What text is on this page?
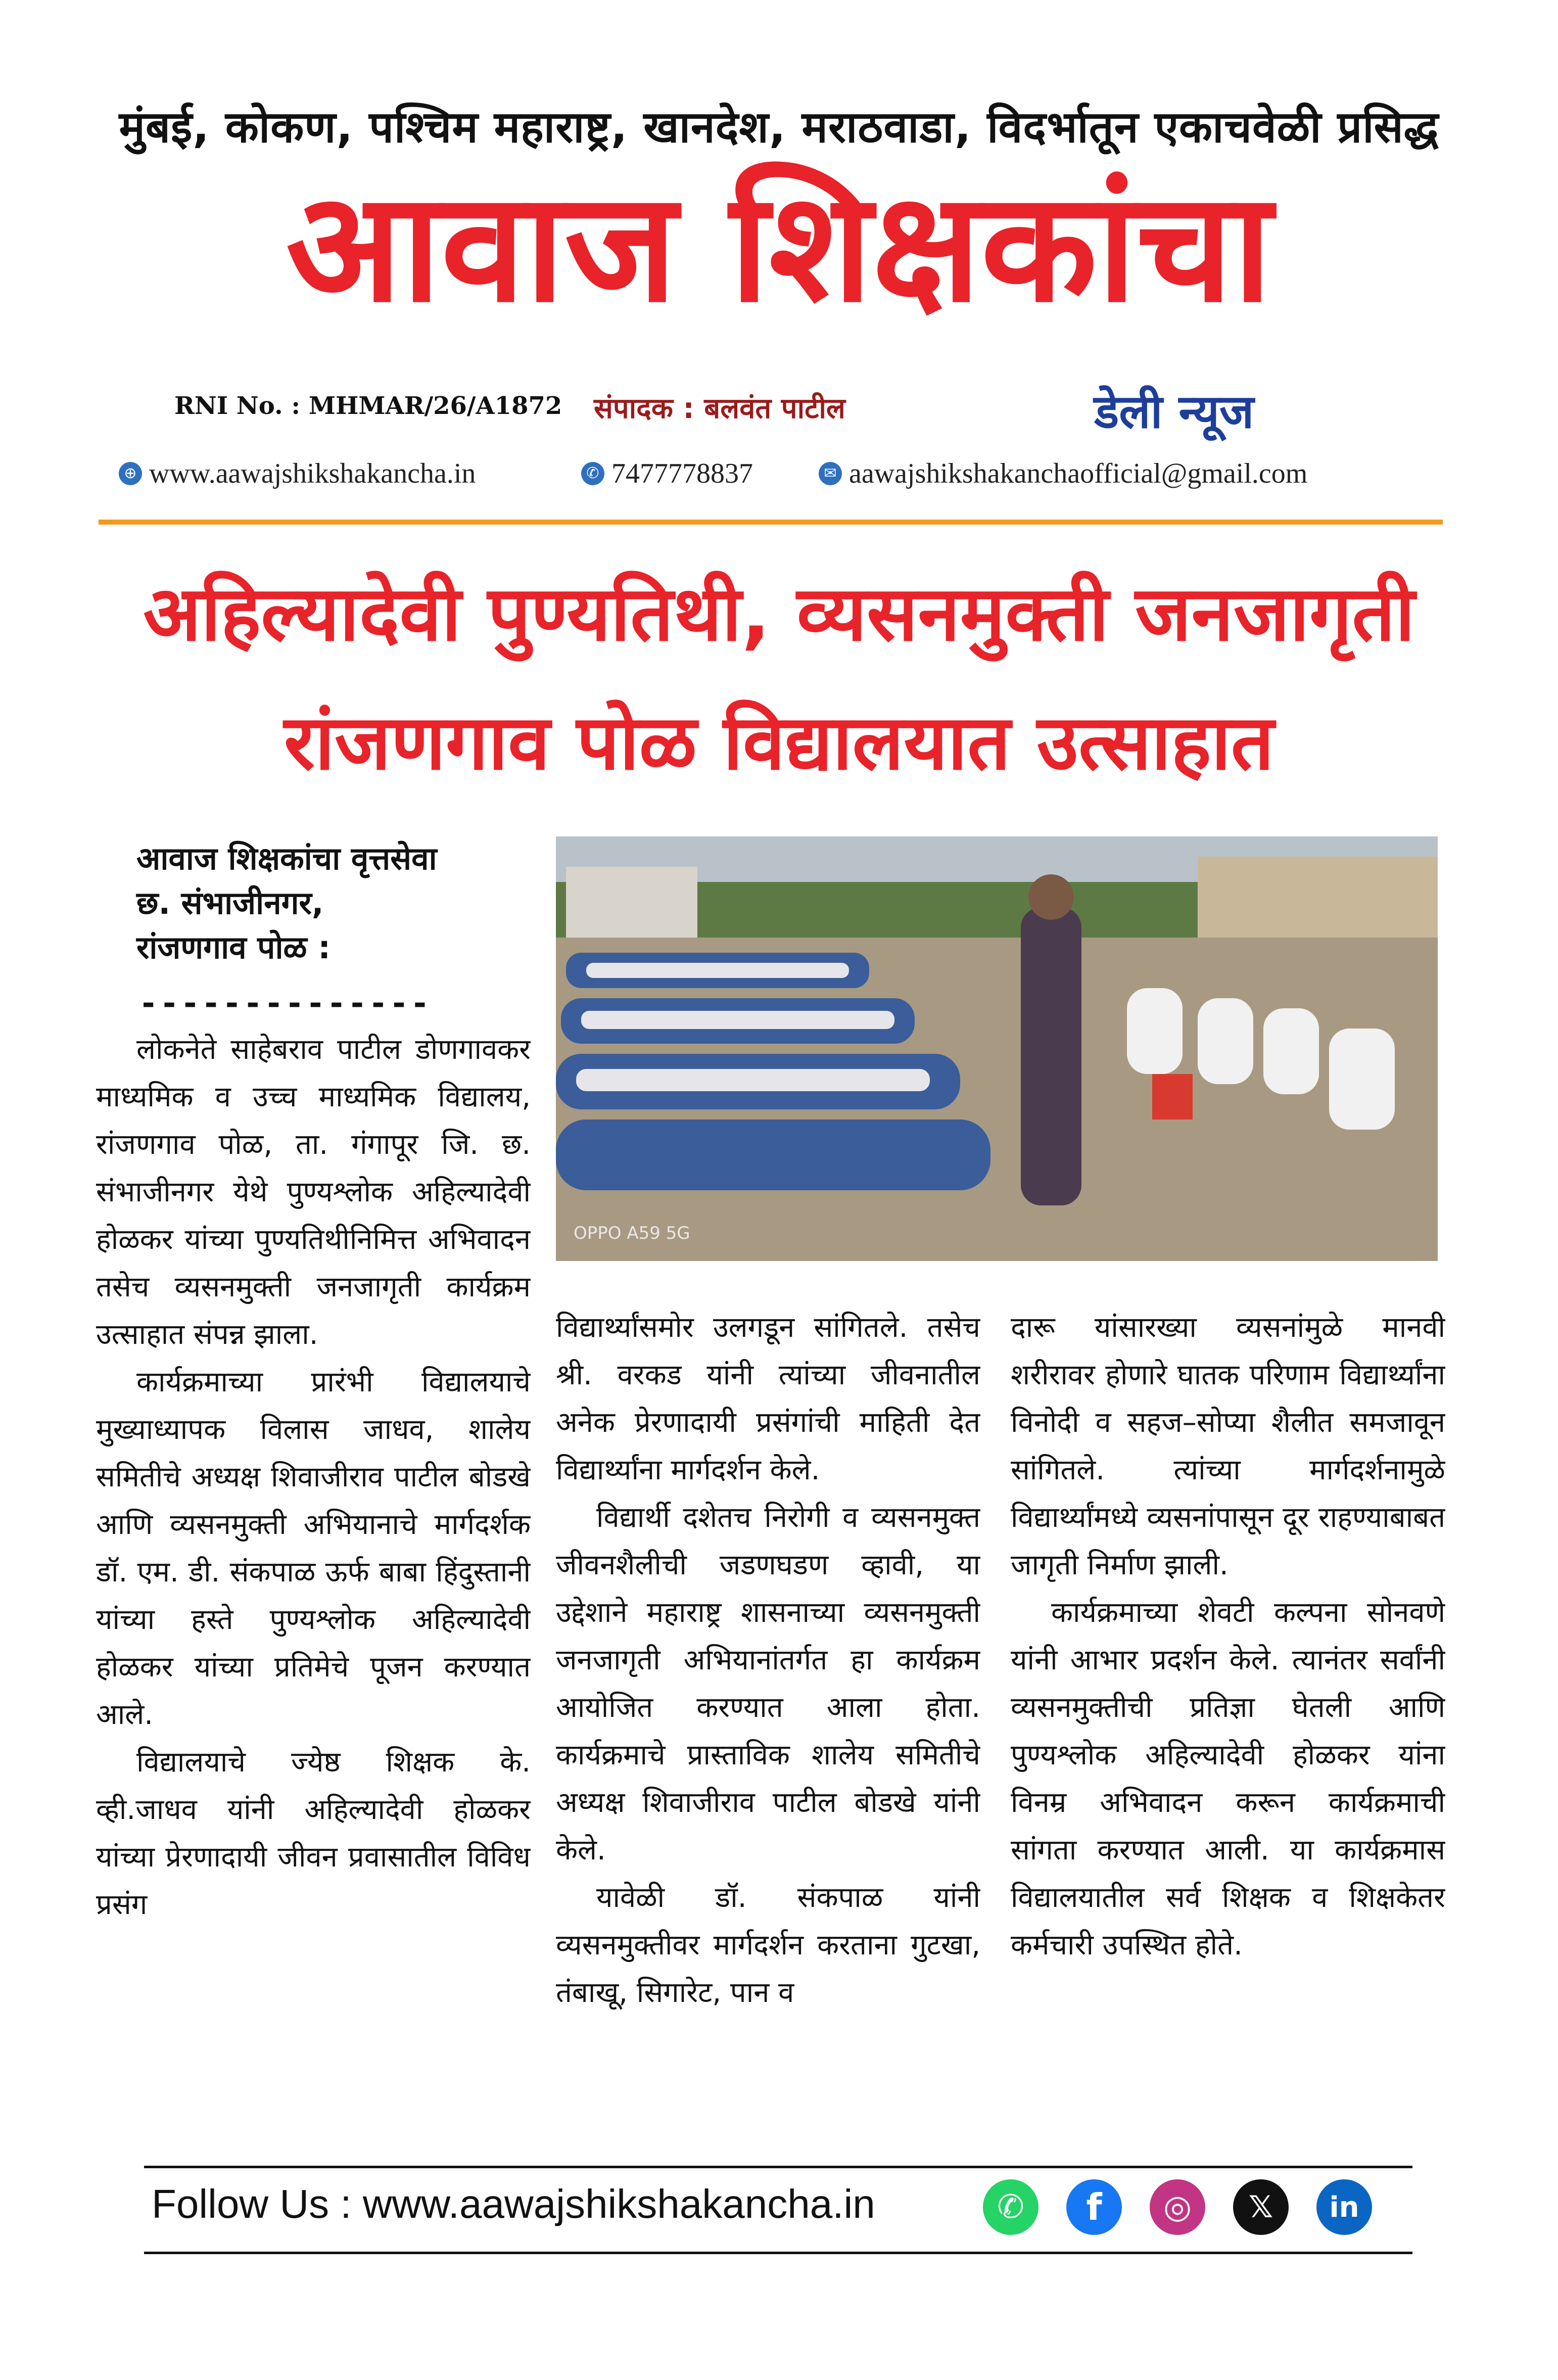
मुंबई, कोकण, पश्चिम महाराष्ट्र, खानदेश, मराठवाडा, विदर्भातून एकाचवेळी प्रसिद्ध
आवाज शिक्षकांचा
RNI No. : MHMAR/26/A1872 संपादक : बलवंत पाटील	डेली न्यूज
⊕ www.aawajshikshakancha.in	✆ 7477778837	✉ aawajshikshakanchaofficial@gmail.com
अहिल्यादेवी पुण्यतिथी, व्यसनमुक्ती जनजागृती
रांजणगाव पोळ विद्यालयात उत्साहात
आवाज शिक्षकांचा वृत्तसेवा
छ. संभाजीनगर,
रांजणगाव पोळ :
--------------
OPPO A59 5G

लोकनेते साहेबराव पाटील डोणगावकर माध्यमिक व उच्च माध्यमिक विद्यालय, रांजणगाव पोळ, ता. गंगापूर जि. छ. संभाजीनगर येथे पुण्यश्लोक अहिल्यादेवी होळकर यांच्या पुण्यतिथीनिमित्त अभिवादन तसेच व्यसनमुक्ती जनजागृती कार्यक्रम उत्साहात संपन्न झाला.

कार्यक्रमाच्या प्रारंभी विद्यालयाचे मुख्याध्यापक विलास जाधव, शालेय समितीचे अध्यक्ष शिवाजीराव पाटील बोडखे आणि व्यसनमुक्ती अभियानाचे मार्गदर्शक डॉ. एम. डी. संकपाळ ऊर्फ बाबा हिंदुस्तानी यांच्या हस्ते पुण्यश्लोक अहिल्यादेवी होळकर यांच्या प्रतिमेचे पूजन करण्यात आले.

विद्यालयाचे ज्येष्ठ शिक्षक के. व्ही.जाधव यांनी अहिल्यादेवी होळकर यांच्या प्रेरणादायी जीवन प्रवासातील विविध प्रसंग

विद्यार्थ्यांसमोर उलगडून सांगितले. तसेच श्री. वरकड यांनी त्यांच्या जीवनातील अनेक प्रेरणादायी प्रसंगांची माहिती देत विद्यार्थ्यांना मार्गदर्शन केले.

विद्यार्थी दशेतच निरोगी व व्यसनमुक्त जीवनशैलीची जडणघडण व्हावी, या उद्देशाने महाराष्ट्र शासनाच्या व्यसनमुक्ती जनजागृती अभियानांतर्गत हा कार्यक्रम आयोजित करण्यात आला होता. कार्यक्रमाचे प्रास्ताविक शालेय समितीचे अध्यक्ष शिवाजीराव पाटील बोडखे यांनी केले.

यावेळी डॉ. संकपाळ यांनी व्यसनमुक्तीवर मार्गदर्शन करताना गुटखा, तंबाखू, सिगारेट, पान व

दारू यांसारख्या व्यसनांमुळे मानवी शरीरावर होणारे घातक परिणाम विद्यार्थ्यांना विनोदी व सहज–सोप्या शैलीत समजावून सांगितले. त्यांच्या मार्गदर्शनामुळे विद्यार्थ्यांमध्ये व्यसनांपासून दूर राहण्याबाबत जागृती निर्माण झाली.

कार्यक्रमाच्या शेवटी कल्पना सोनवणे यांनी आभार प्रदर्शन केले. त्यानंतर सर्वांनी व्यसनमुक्तीची प्रतिज्ञा घेतली आणि पुण्यश्लोक अहिल्यादेवी होळकर यांना विनम्र अभिवादन करून कार्यक्रमाची सांगता करण्यात आली. या कार्यक्रमास विद्यालयातील सर्व शिक्षक व शिक्षकेतर कर्मचारी उपस्थित होते.

Follow Us : www.aawajshikshakancha.in	✆ f ◎ 𝕏 in
